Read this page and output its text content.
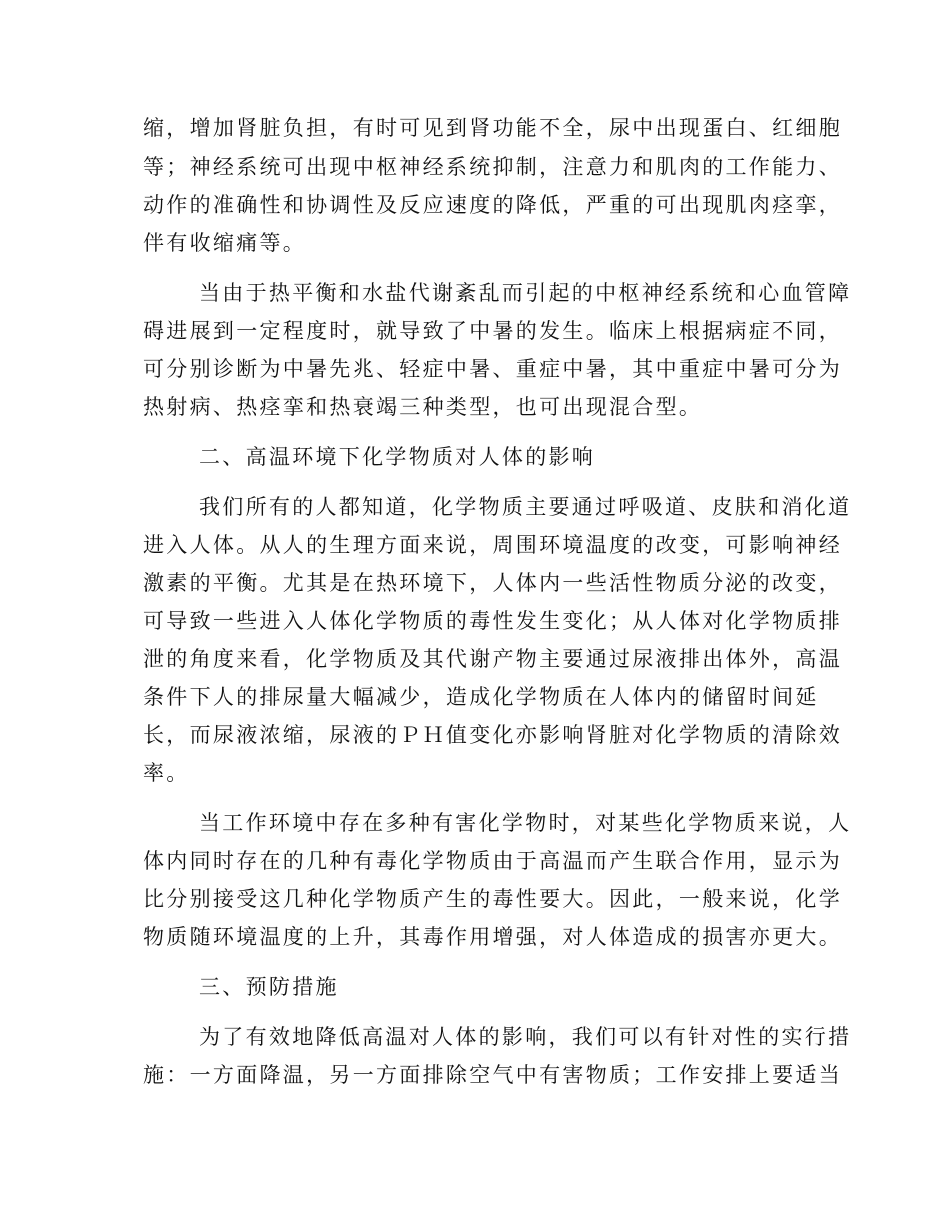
缩，增加肾脏负担，有时可见到肾功能不全，尿中出现蛋白、红细胞
等；神经系统可出现中枢神经系统抑制，注意力和肌肉的工作能力、
动作的准确性和协调性及反应速度的降低，严重的可出现肌肉痉挛，
伴有收缩痛等。
当由于热平衡和水盐代谢紊乱而引起的中枢神经系统和心血管障
碍进展到一定程度时，就导致了中暑的发生。临床上根据病症不同，
可分别诊断为中暑先兆、轻症中暑、重症中暑，其中重症中暑可分为
热射病、热痉挛和热衰竭三种类型，也可出现混合型。
二、高温环境下化学物质对人体的影响
我们所有的人都知道，化学物质主要通过呼吸道、皮肤和消化道
进入人体。从人的生理方面来说，周围环境温度的改变，可影响神经
激素的平衡。尤其是在热环境下，人体内一些活性物质分泌的改变，
可导致一些进入人体化学物质的毒性发生变化；从人体对化学物质排
泄的角度来看，化学物质及其代谢产物主要通过尿液排出体外，高温
条件下人的排尿量大幅减少，造成化学物质在人体内的储留时间延
长，而尿液浓缩，尿液的ＰＨ值变化亦影响肾脏对化学物质的清除效
率。
当工作环境中存在多种有害化学物时，对某些化学物质来说，人
体内同时存在的几种有毒化学物质由于高温而产生联合作用，显示为
比分别接受这几种化学物质产生的毒性要大。因此，一般来说，化学
物质随环境温度的上升，其毒作用增强，对人体造成的损害亦更大。
三、预防措施
为了有效地降低高温对人体的影响，我们可以有针对性的实行措
施：一方面降温，另一方面排除空气中有害物质；工作安排上要适当
